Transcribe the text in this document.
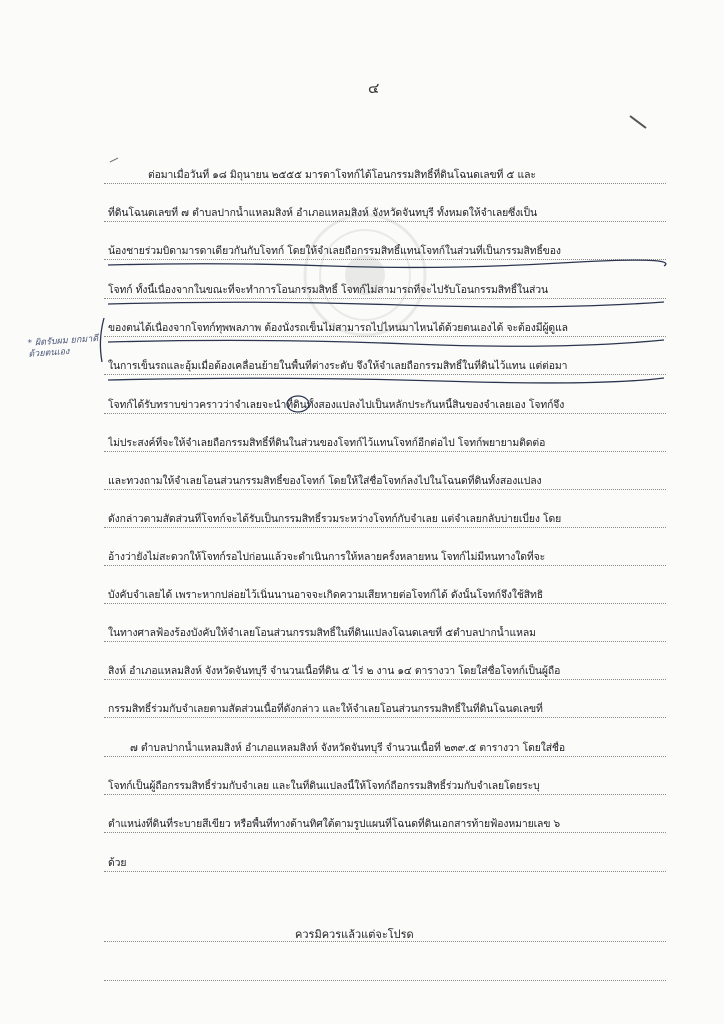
๔
ต่อมาเมื่อวันที่ ๑๘ มิถุนายน ๒๕๕๕ มารดาโจทก์ได้โอนกรรมสิทธิ์ที่ดินโฉนดเลขที่ ๕ และ
ที่ดินโฉนดเลขที่ ๗ ตำบลปากน้ำแหลมสิงห์ อำเภอแหลมสิงห์ จังหวัดจันทบุรี ทั้งหมดให้จำเลยซึ่งเป็น
น้องชายร่วมบิดามารดาเดียวกันกับโจทก์ โดยให้จำเลยถือกรรมสิทธิ์แทนโจทก์ในส่วนที่เป็นกรรมสิทธิ์ของ
โจทก์ ทั้งนี้เนื่องจากในขณะที่จะทำการโอนกรรมสิทธิ์ โจทก์ไม่สามารถที่จะไปรับโอนกรรมสิทธิ์ในส่วน
ของตนได้เนื่องจากโจทก์ทุพพลภาพ ต้องนั่งรถเข็นไม่สามารถไปไหนมาไหนได้ด้วยตนเองได้ จะต้องมีผู้ดูแล
ในการเข็นรถและอุ้มเมื่อต้องเคลื่อนย้ายในพื้นที่ต่างระดับ จึงให้จำเลยถือกรรมสิทธิ์ในที่ดินไว้แทน แต่ต่อมา
โจทก์ได้รับทราบข่าวคราวว่าจำเลยจะนำที่ดินทั้งสองแปลงไปเป็นหลักประกันหนี้สินของจำเลยเอง โจทก์จึง
ไม่ประสงค์ที่จะให้จำเลยถือกรรมสิทธิ์ที่ดินในส่วนของโจทก์ไว้แทนโจทก์อีกต่อไป โจทก์พยายามติดต่อ
และทวงถามให้จำเลยโอนส่วนกรรมสิทธิ์ของโจทก์ โดยให้ใส่ชื่อโจทก์ลงไปในโฉนดที่ดินทั้งสองแปลง
ดังกล่าวตามสัดส่วนที่โจทก์จะได้รับเป็นกรรมสิทธิ์รวมระหว่างโจทก์กับจำเลย แต่จำเลยกลับบ่ายเบี่ยง โดย
อ้างว่ายังไม่สะดวกให้โจทก์รอไปก่อนแล้วจะดำเนินการให้หลายครั้งหลายหน โจทก์ไม่มีหนทางใดที่จะ
บังคับจำเลยได้ เพราะหากปล่อยไว้เนิ่นนานอาจจะเกิดความเสียหายต่อโจทก์ได้ ดังนั้นโจทก์จึงใช้สิทธิ
ในทางศาลฟ้องร้องบังคับให้จำเลยโอนส่วนกรรมสิทธิ์ในที่ดินแปลงโฉนดเลขที่ ๕ตำบลปากน้ำแหลม
สิงห์ อำเภอแหลมสิงห์ จังหวัดจันทบุรี จำนวนเนื้อที่ดิน ๕ ไร่ ๒ งาน ๑๔ ตารางวา โดยใส่ชื่อโจทก์เป็นผู้ถือ
กรรมสิทธิ์ร่วมกับจำเลยตามสัดส่วนเนื้อที่ดังกล่าว และให้จำเลยโอนส่วนกรรมสิทธิ์ในที่ดินโฉนดเลขที่
๗ ตำบลปากน้ำแหลมสิงห์ อำเภอแหลมสิงห์ จังหวัดจันทบุรี จำนวนเนื้อที่ ๒๓๙.๕ ตารางวา โดยใส่ชื่อ
โจทก์เป็นผู้ถือกรรมสิทธิ์ร่วมกับจำเลย และในที่ดินแปลงนี้ให้โจทก์ถือกรรมสิทธิ์ร่วมกับจำเลยโดยระบุ
ตำแหน่งที่ดินที่ระบายสีเขียว หรือพื้นที่ทางด้านทิศใต้ตามรูปแผนที่โฉนดที่ดินเอกสารท้ายฟ้องหมายเลข ๖
ด้วย
ควรมิควรแล้วแต่จะโปรด
* ผิดรับผม ยกมาดี ด้วยตนเอง
